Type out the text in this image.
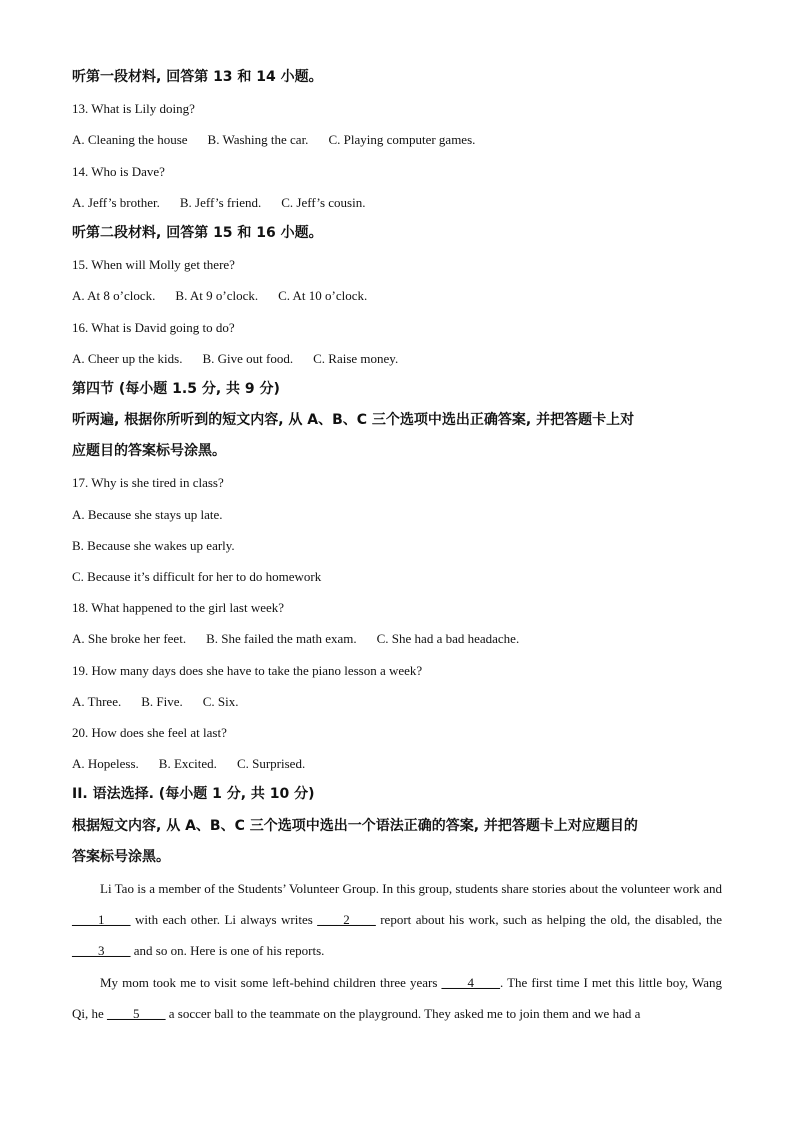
听第一段材料, 回答第 13 和 14 小题。
13. What is Lily doing?
A. Cleaning the house B. Washing the car. C. Playing computer games.
14. Who is Dave?
A. Jeff’s brother. B. Jeff’s friend. C. Jeff’s cousin.
听第二段材料, 回答第 15 和 16 小题。
15. When will Molly get there?
A. At 8 o’clock. B. At 9 o’clock. C. At 10 o’clock.
16. What is David going to do?
A. Cheer up the kids. B. Give out food. C. Raise money.
第四节 (每小题 1.5 分, 共 9 分)
听两遍, 根据你所听到的短文内容, 从 A、B、C 三个选项中选出正确答案, 并把答题卡上对
应题目的答案标号涂黑。
17. Why is she tired in class?
A. Because she stays up late.
B. Because she wakes up early.
C. Because it’s difficult for her to do homework
18. What happened to the girl last week?
A. She broke her feet. B. She failed the math exam. C. She had a bad headache.
19. How many days does she have to take the piano lesson a week?
A. Three. B. Five. C. Six.
20. How does she feel at last?
A. Hopeless. B. Excited. C. Surprised.
II. 语法选择. (每小题 1 分, 共 10 分)
根据短文内容, 从 A、B、C 三个选项中选出一个语法正确的答案, 并把答题卡上对应题目的
答案标号涂黑。
Li Tao is a member of the Students’ Volunteer Group. In this group, students share stories about the volunteer work and ____1____ with each other. Li always writes ____2____ report about his work, such as helping the old, the disabled, the ____3____ and so on. Here is one of his reports.
My mom took me to visit some left-behind children three years ____4____. The first time I met this little boy, Wang Qi, he ____5____ a soccer ball to the teammate on the playground. They asked me to join them and we had a
